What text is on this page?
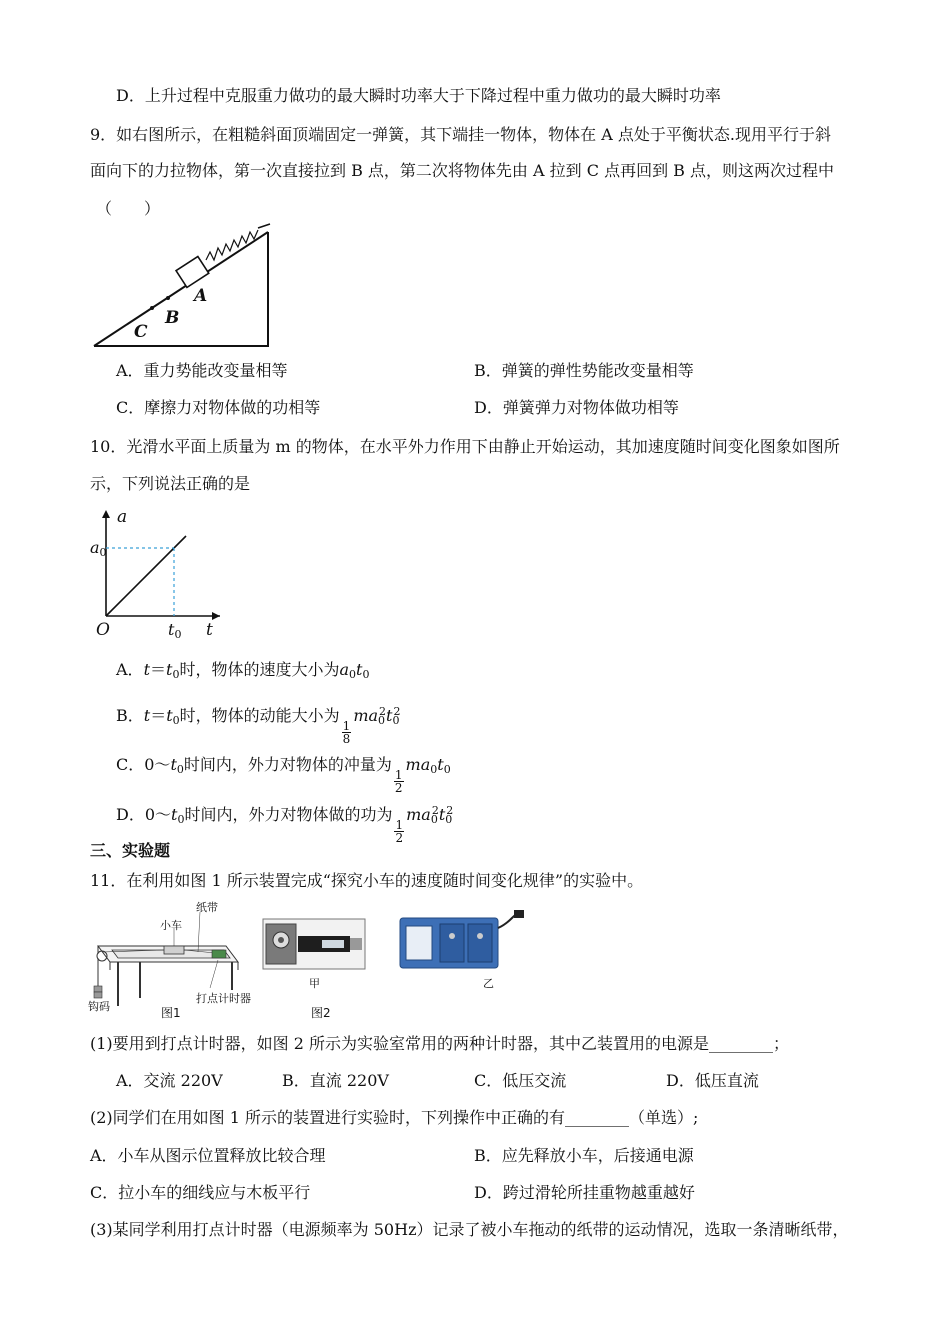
D．上升过程中克服重力做功的最大瞬时功率大于下降过程中重力做功的最大瞬时功率
9．如右图所示，在粗糙斜面顶端固定一弹簧，其下端挂一物体，物体在 A 点处于平衡状态.现用平行于斜
面向下的力拉物体，第一次直接拉到 B 点，第二次将物体先由 A 拉到 C 点再回到 B 点，则这两次过程中
（　　）
A
B
C
A．重力势能改变量相等	B．弹簧的弹性势能改变量相等
C．摩擦力对物体做的功相等	D．弹簧弹力对物体做功相等
10．光滑水平面上质量为 m 的物体，在水平外力作用下由静止开始运动，其加速度随时间变化图象如图所
示，下列说法正确的是
a
$a_0$
O	$t_0$ t
A．$t=t_0$时，物体的速度大小为$a_0t_0$
B．$t=t_0$时，物体的动能大小为
$\frac{1}{8}$
$ma_0^2t_0^2$
C．$0\sim t_0$时间内，外力对物体的冲量为
$\frac{1}{2}$
$ma_0t_0$
D．$0\sim t_0$时间内，外力对物体做的功为
$\frac{1}{2}$
$ma_0^2t_0^2$
三、实验题
11．在利用如图 1 所示装置完成“探究小车的速度随时间变化规律”的实验中。
纸带
小车
钩码
打点计时器
图1
甲
图2
乙
(1)要用到打点计时器，如图 2 所示为实验室常用的两种计时器，其中乙装置用的电源是________；
A．交流 220V	B．直流 220V	C．低压交流	D．低压直流
(2)同学们在用如图 1 所示的装置进行实验时，下列操作中正确的有________（单选）;
A．小车从图示位置释放比较合理	B．应先释放小车，后接通电源
C．拉小车的细线应与木板平行	D．跨过滑轮所挂重物越重越好
(3)某同学利用打点计时器（电源频率为 50Hz）记录了被小车拖动的纸带的运动情况，选取一条清晰纸带，
